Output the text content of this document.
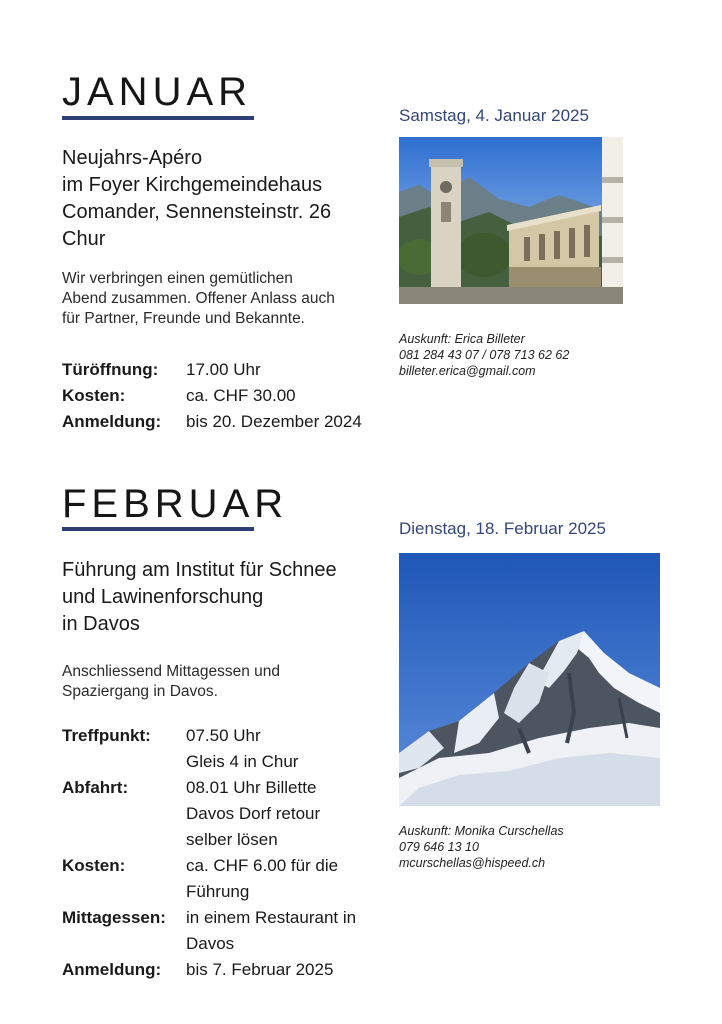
JANUAR
Samstag, 4. Januar 2025
Neujahrs-Apéro
im Foyer Kirchgemeindehaus
Comander, Sennensteinstr. 26
Chur
Wir verbringen einen gemütlichen
Abend zusammen. Offener Anlass auch
für Partner, Freunde und Bekannte.
Türöffnung:	17.00 Uhr
Kosten:	ca. CHF 30.00
Anmeldung:	bis 20. Dezember 2024
Auskunft: Erica Billeter
081 284 43 07 / 078 713 62 62
billeter.erica@gmail.com
FEBRUAR
Dienstag, 18. Februar 2025
Führung am Institut für Schnee
und Lawinenforschung
in Davos
Anschliessend Mittagessen und
Spaziergang in Davos.
Treffpunkt:	07.50 Uhr
Gleis 4 in Chur
Abfahrt:	08.01 Uhr Billette
Davos Dorf retour
selber lösen
Kosten:	ca. CHF 6.00 für die
Führung
Mittagessen:	in einem Restaurant in
Davos
Anmeldung:	bis 7. Februar 2025
Auskunft: Monika Curschellas
079 646 13 10
mcurschellas@hispeed.ch
